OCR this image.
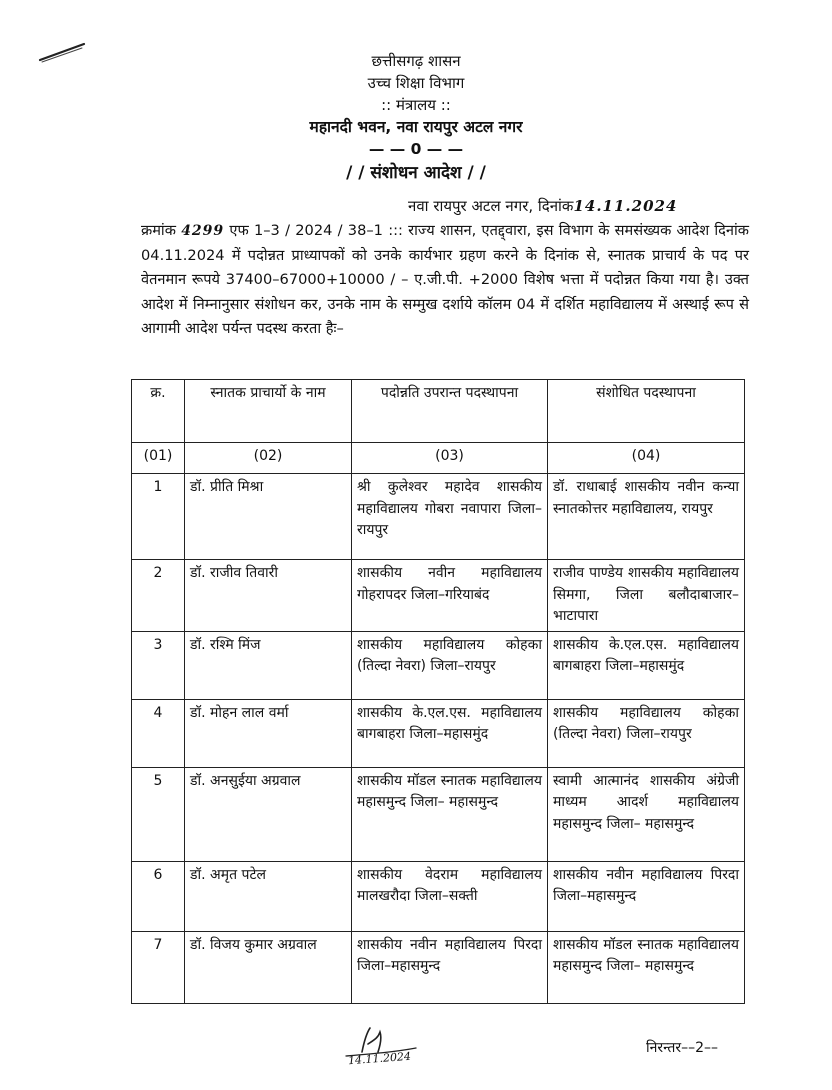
छत्तीसगढ़ शासन
उच्च शिक्षा विभाग
:: मंत्रालय ::
महानदी भवन, नवा रायपुर अटल नगर
— — 0 — —
/ / संशोधन आदेश / /
नवा रायपुर अटल नगर, दिनांक14.11.2024
क्रमांक 4299 एफ 1–3 / 2024 / 38–1 ::: राज्य शासन, एतद्द्वारा, इस विभाग के समसंख्यक आदेश दिनांक 04.11.2024 में पदोन्नत प्राध्यापकों को उनके कार्यभार ग्रहण करने के दिनांक से, स्नातक प्राचार्य के पद पर वेतनमान रूपये 37400–67000+10000 / – ए.जी.पी. +2000 विशेष भत्ता में पदोन्नत किया गया है। उक्त आदेश में निम्नानुसार संशोधन कर, उनके नाम के सम्मुख दर्शाये कॉलम 04 में दर्शित महाविद्यालय में अस्थाई रूप से आगामी आदेश पर्यन्त पदस्थ करता हैः–
क्र.	स्नातक प्राचार्यो के नाम	पदोन्नति उपरान्त पदस्थापना	संशोधित पदस्थापना
(01)	(02)	(03)	(04)
1	डॉ. प्रीति मिश्रा	श्री कुलेश्वर महादेव शासकीय महाविद्यालय गोबरा नवापारा जिला–रायपुर	डॉ. राधाबाई शासकीय नवीन कन्या स्नातकोत्तर महाविद्यालय, रायपुर
2	डॉ. राजीव तिवारी	शासकीय नवीन महाविद्यालय गोहरापदर जिला–गरियाबंद	राजीव पाण्डेय शासकीय महाविद्यालय सिमगा, जिला बलौदाबाजार–भाटापारा
3	डॉ. रश्मि मिंज	शासकीय महाविद्यालय कोहका (तिल्दा नेवरा) जिला–रायपुर	शासकीय के.एल.एस. महाविद्यालय बागबाहरा जिला–महासमुंद
4	डॉ. मोहन लाल वर्मा	शासकीय के.एल.एस. महाविद्यालय बागबाहरा जिला–महासमुंद	शासकीय महाविद्यालय कोहका (तिल्दा नेवरा) जिला–रायपुर
5	डॉ. अनसुईया अग्रवाल	शासकीय मॉडल स्नातक महाविद्यालय महासमुन्द जिला– महासमुन्द	स्वामी आत्मानंद शासकीय अंग्रेजी माध्यम आदर्श महाविद्यालय महासमुन्द जिला– महासमुन्द
6	डॉ. अमृत पटेल	शासकीय वेदराम महाविद्यालय मालखरौदा जिला–सक्ती	शासकीय नवीन महाविद्यालय पिरदा जिला–महासमुन्द
7	डॉ. विजय कुमार अग्रवाल	शासकीय नवीन महाविद्यालय पिरदा जिला–महासमुन्द	शासकीय मॉडल स्नातक महाविद्यालय महासमुन्द जिला– महासमुन्द
14.11.2024
निरन्तर––2––
